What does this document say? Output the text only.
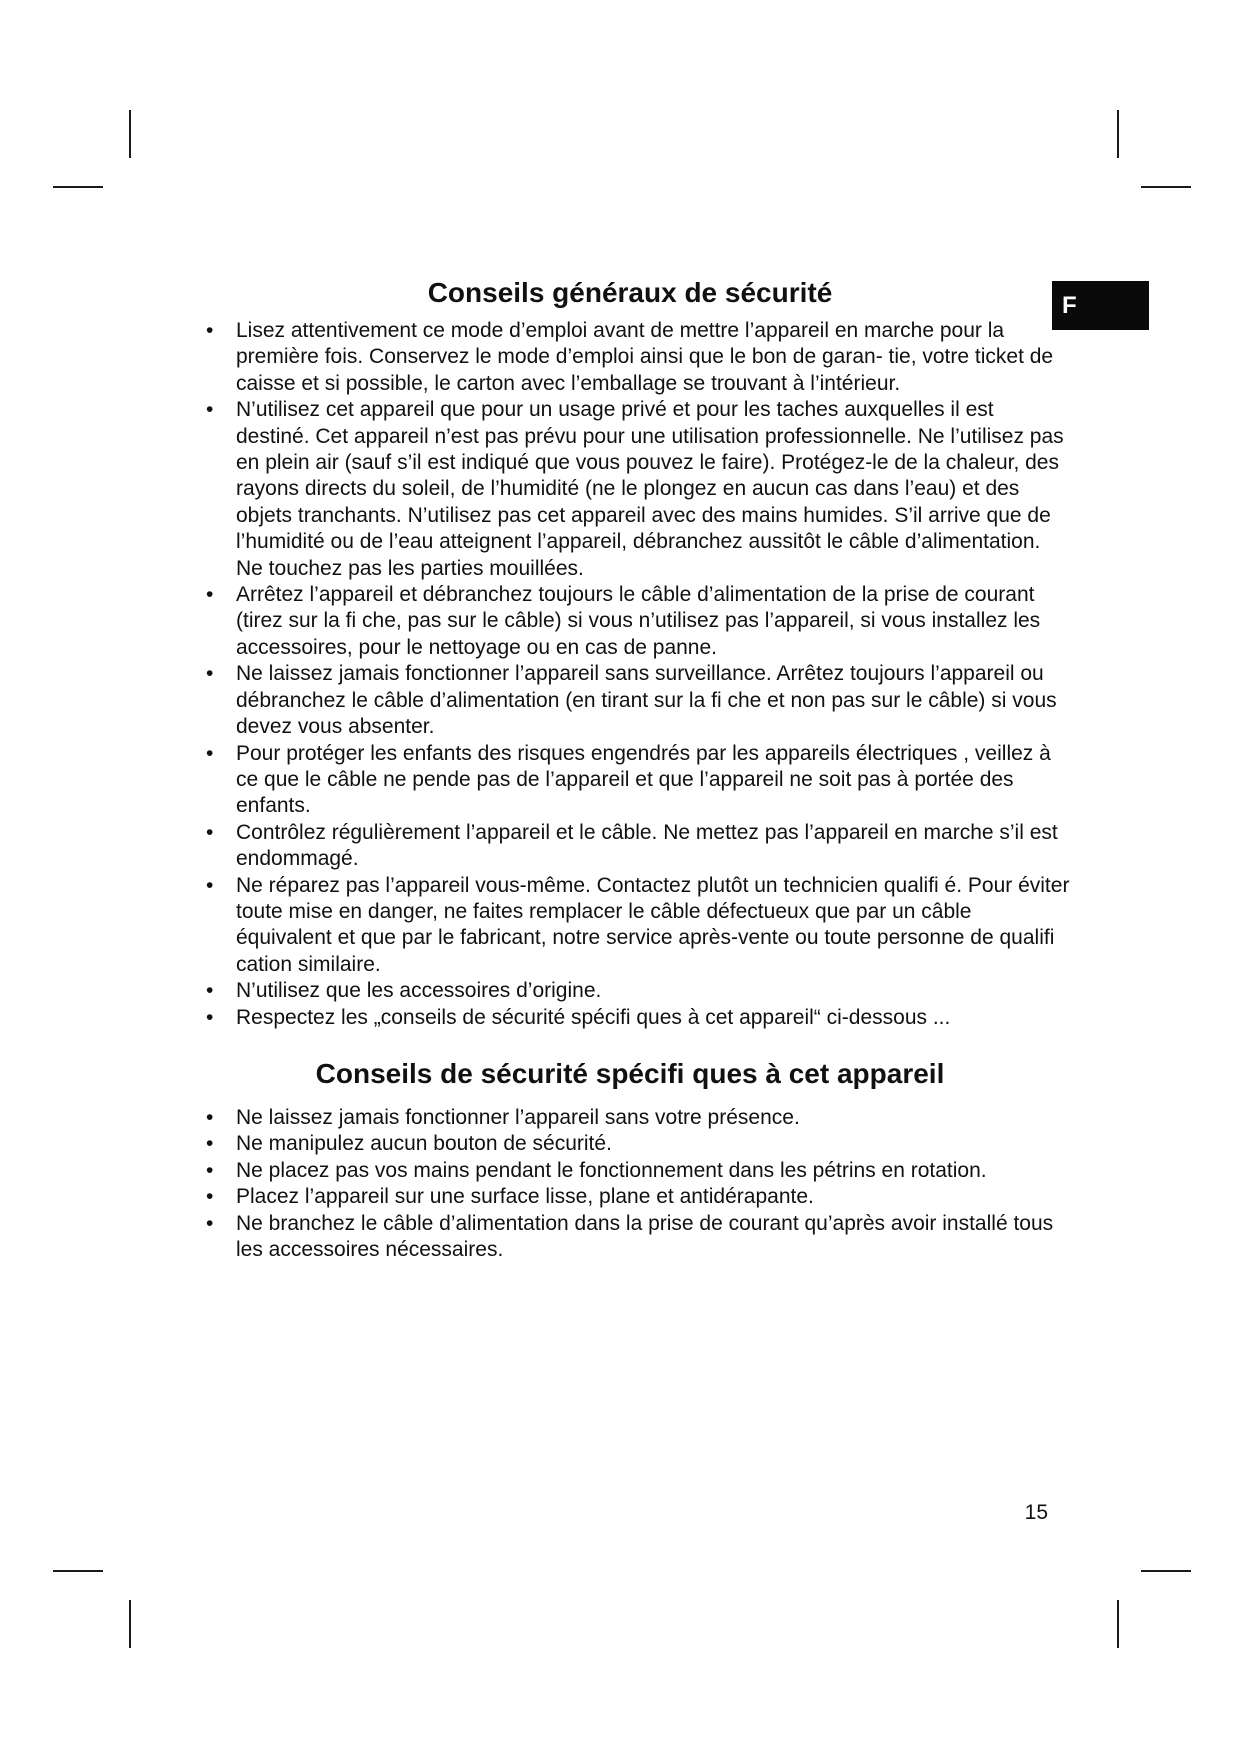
F
Conseils généraux de sécurité
• Lisez attentivement ce mode d’emploi avant de mettre l’appareil en marche pour la première fois. Conservez le mode d’emploi ainsi que le bon de garan- tie, votre ticket de caisse et si possible, le carton avec l’emballage se trouvant à l’intérieur.
• N’utilisez cet appareil que pour un usage privé et pour les taches auxquelles il est destiné. Cet appareil n’est pas prévu pour une utilisation professionnelle. Ne l’utilisez pas en plein air (sauf s’il est indiqué que vous pouvez le faire). Protégez-le de la chaleur, des rayons directs du soleil, de l’humidité (ne le plongez en aucun cas dans l’eau) et des objets tranchants. N’utilisez pas cet appareil avec des mains humides. S’il arrive que de l’humidité ou de l’eau atteignent l’appareil, débranchez aussitôt le câble d’alimentation. Ne touchez pas les parties mouillées.
• Arrêtez l’appareil et débranchez toujours le câble d’alimentation de la prise de courant (tirez sur la fi che, pas sur le câble) si vous n’utilisez pas l’appareil, si vous installez les accessoires, pour le nettoyage ou en cas de panne.
• Ne laissez jamais fonctionner l’appareil sans surveillance. Arrêtez toujours l’appareil ou débranchez le câble d’alimentation (en tirant sur la fi che et non pas sur le câble) si vous devez vous absenter.
• Pour protéger les enfants des risques engendrés par les appareils électriques , veillez à ce que le câble ne pende pas de l’appareil et que l’appareil ne soit pas à portée des enfants.
• Contrôlez régulièrement l’appareil et le câble. Ne mettez pas l’appareil en marche s’il est endommagé.
• Ne réparez pas l’appareil vous-même. Contactez plutôt un technicien qualifi é. Pour éviter toute mise en danger, ne faites remplacer le câble défectueux que par un câble équivalent et que par le fabricant, notre service après-vente ou toute personne de qualifi cation similaire.
• N’utilisez que les accessoires d’origine.
• Respectez les „conseils de sécurité spécifi ques à cet appareil“ ci-dessous ...
Conseils de sécurité spécifi ques à cet appareil
• Ne laissez jamais fonctionner l’appareil sans votre présence.
• Ne manipulez aucun bouton de sécurité.
• Ne placez pas vos mains pendant le fonctionnement dans les pétrins en rotation.
• Placez l’appareil sur une surface lisse, plane et antidérapante.
• Ne branchez le câble d’alimentation dans la prise de courant qu’après avoir installé tous les accessoires nécessaires.
15
